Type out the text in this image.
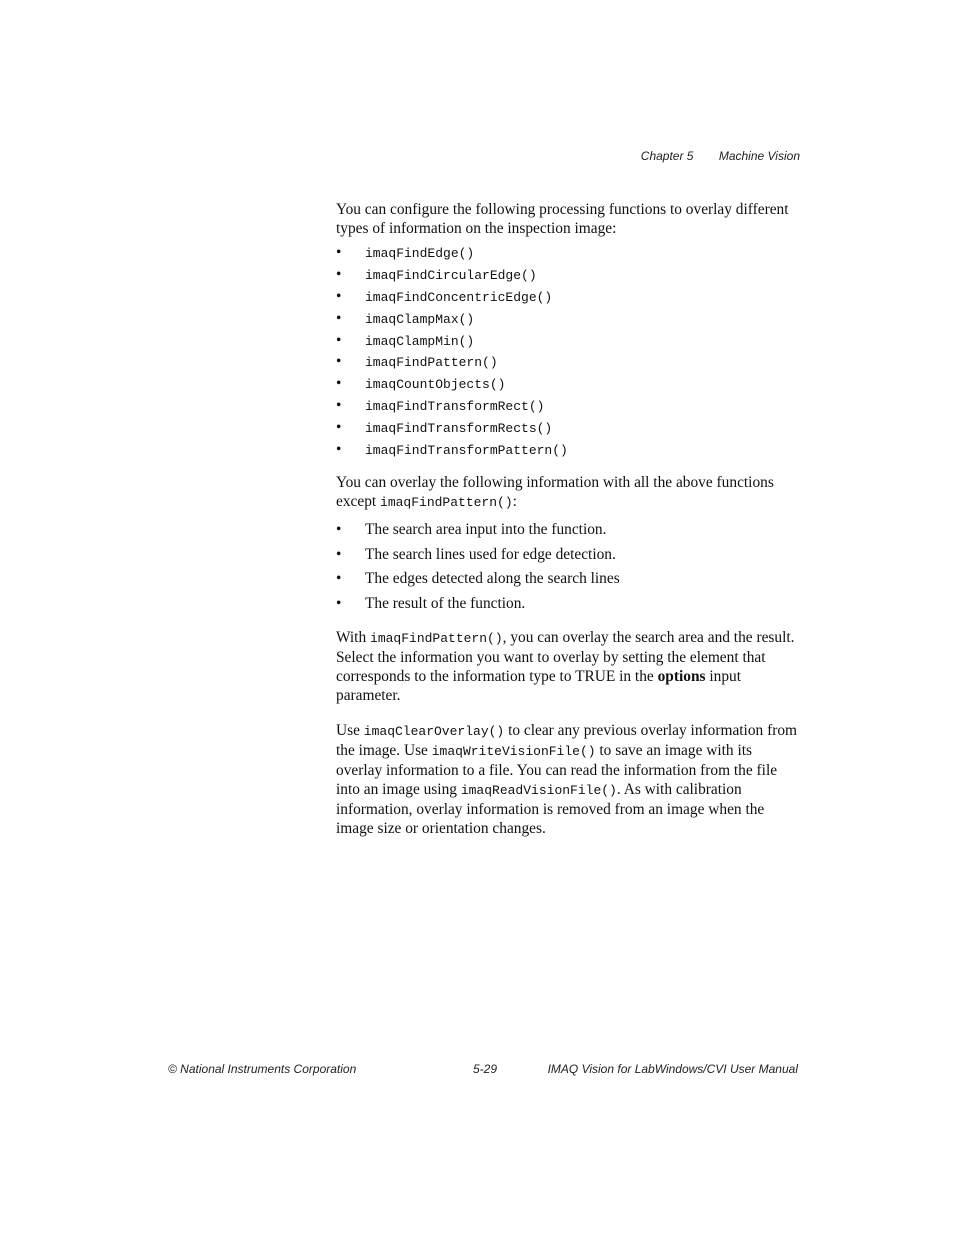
Chapter 5 Machine Vision

You can configure the following processing functions to overlay different types of information on the inspection image:

• imaqFindEdge()
• imaqFindCircularEdge()
• imaqFindConcentricEdge()
• imaqClampMax()
• imaqClampMin()
• imaqFindPattern()
• imaqCountObjects()
• imaqFindTransformRect()
• imaqFindTransformRects()
• imaqFindTransformPattern()

You can overlay the following information with all the above functions except imaqFindPattern():

• The search area input into the function.
• The search lines used for edge detection.
• The edges detected along the search lines
• The result of the function.

With imaqFindPattern(), you can overlay the search area and the result. Select the information you want to overlay by setting the element that corresponds to the information type to TRUE in the options input parameter.

Use imaqClearOverlay() to clear any previous overlay information from the image. Use imaqWriteVisionFile() to save an image with its overlay information to a file. You can read the information from the file into an image using imaqReadVisionFile(). As with calibration information, overlay information is removed from an image when the image size or orientation changes.

© National Instruments Corporation	5-29	IMAQ Vision for LabWindows/CVI User Manual
